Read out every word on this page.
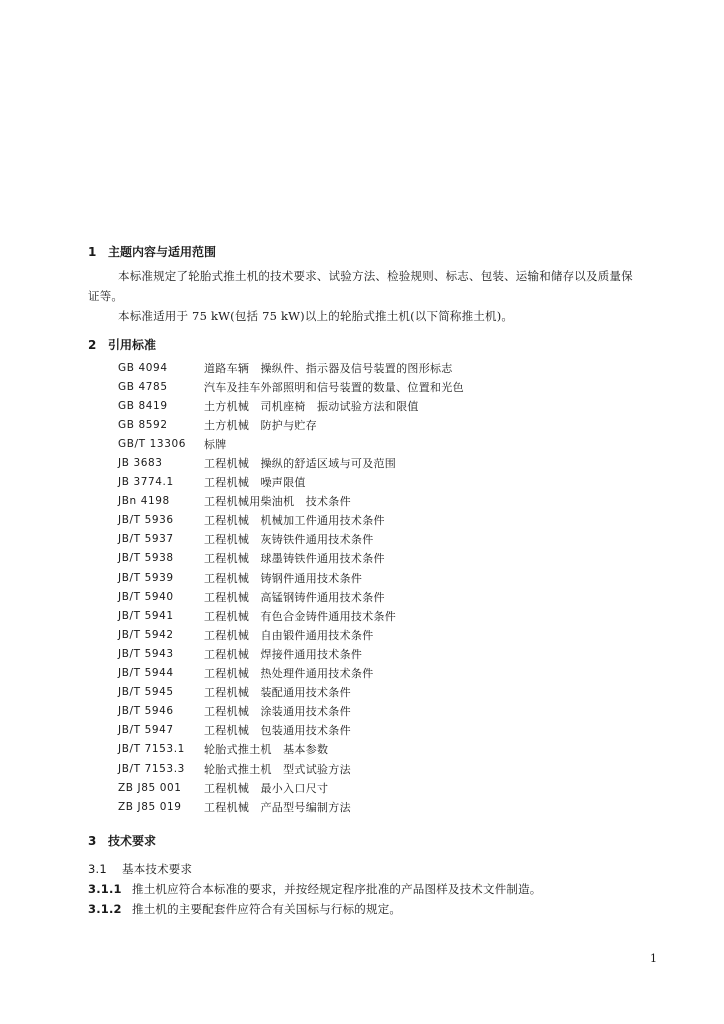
1 主题内容与适用范围
本标准规定了轮胎式推土机的技术要求、试验方法、检验规则、标志、包装、运输和储存以及质量保
证等。
本标准适用于 75 kW(包括 75 kW)以上的轮胎式推土机(以下简称推土机)。
2 引用标准
GB 4094	道路车辆　操纵件、指示器及信号装置的图形标志
GB 4785	汽车及挂车外部照明和信号装置的数量、位置和光色
GB 8419	土方机械　司机座椅　振动试验方法和限值
GB 8592	土方机械　防护与贮存
GB/T 13306	标牌
JB 3683	工程机械　操纵的舒适区域与可及范围
JB 3774.1	工程机械　噪声限值
JBn 4198	工程机械用柴油机　技术条件
JB/T 5936	工程机械　机械加工件通用技术条件
JB/T 5937	工程机械　灰铸铁件通用技术条件
JB/T 5938	工程机械　球墨铸铁件通用技术条件
JB/T 5939	工程机械　铸钢件通用技术条件
JB/T 5940	工程机械　高锰钢铸件通用技术条件
JB/T 5941	工程机械　有色合金铸件通用技术条件
JB/T 5942	工程机械　自由锻件通用技术条件
JB/T 5943	工程机械　焊接件通用技术条件
JB/T 5944	工程机械　热处理件通用技术条件
JB/T 5945	工程机械　装配通用技术条件
JB/T 5946	工程机械　涂装通用技术条件
JB/T 5947	工程机械　包装通用技术条件
JB/T 7153.1	轮胎式推土机　基本参数
JB/T 7153.3	轮胎式推土机　型式试验方法
ZB J85 001	工程机械　最小入口尺寸
ZB J85 019	工程机械　产品型号编制方法
3 技术要求
3.1 基本技术要求
3.1.1 推土机应符合本标准的要求，并按经规定程序批准的产品图样及技术文件制造。
3.1.2 推土机的主要配套件应符合有关国标与行标的规定。
1
